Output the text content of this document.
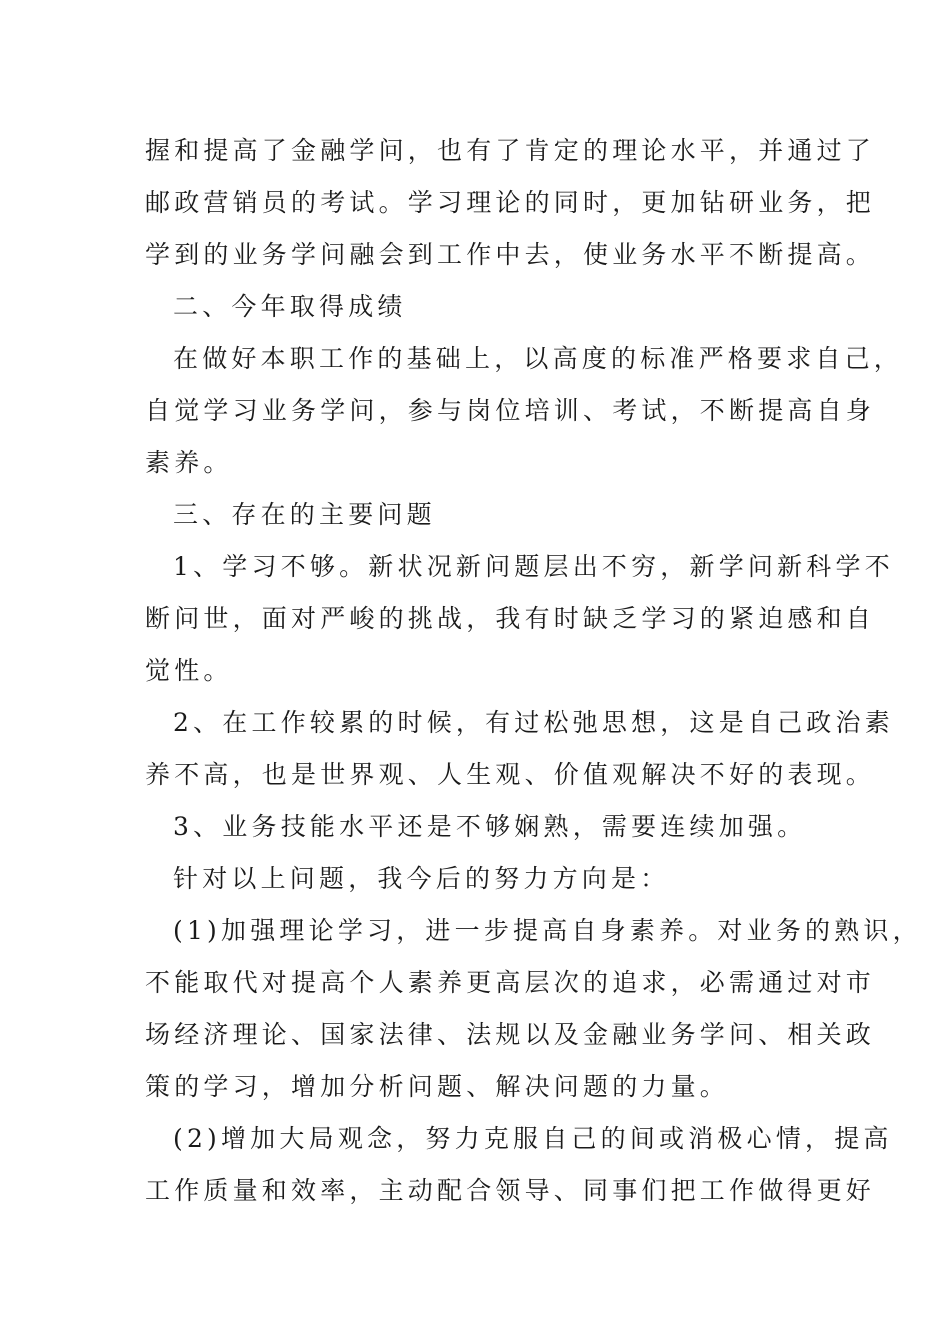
握和提高了金融学问，也有了肯定的理论水平，并通过了
邮政营销员的考试。学习理论的同时，更加钻研业务，把
学到的业务学问融会到工作中去，使业务水平不断提高。
二、今年取得成绩
在做好本职工作的基础上，以高度的标准严格要求自己，
自觉学习业务学问，参与岗位培训、考试，不断提高自身
素养。
三、存在的主要问题
1、学习不够。新状况新问题层出不穷，新学问新科学不
断问世，面对严峻的挑战，我有时缺乏学习的紧迫感和自
觉性。
2、在工作较累的时候，有过松弛思想，这是自己政治素
养不高，也是世界观、人生观、价值观解决不好的表现。
3、业务技能水平还是不够娴熟，需要连续加强。
针对以上问题，我今后的努力方向是：
(1)加强理论学习，进一步提高自身素养。对业务的熟识，
不能取代对提高个人素养更高层次的追求，必需通过对市
场经济理论、国家法律、法规以及金融业务学问、相关政
策的学习，增加分析问题、解决问题的力量。
(2)增加大局观念，努力克服自己的间或消极心情，提高
工作质量和效率，主动配合领导、同事们把工作做得更好
